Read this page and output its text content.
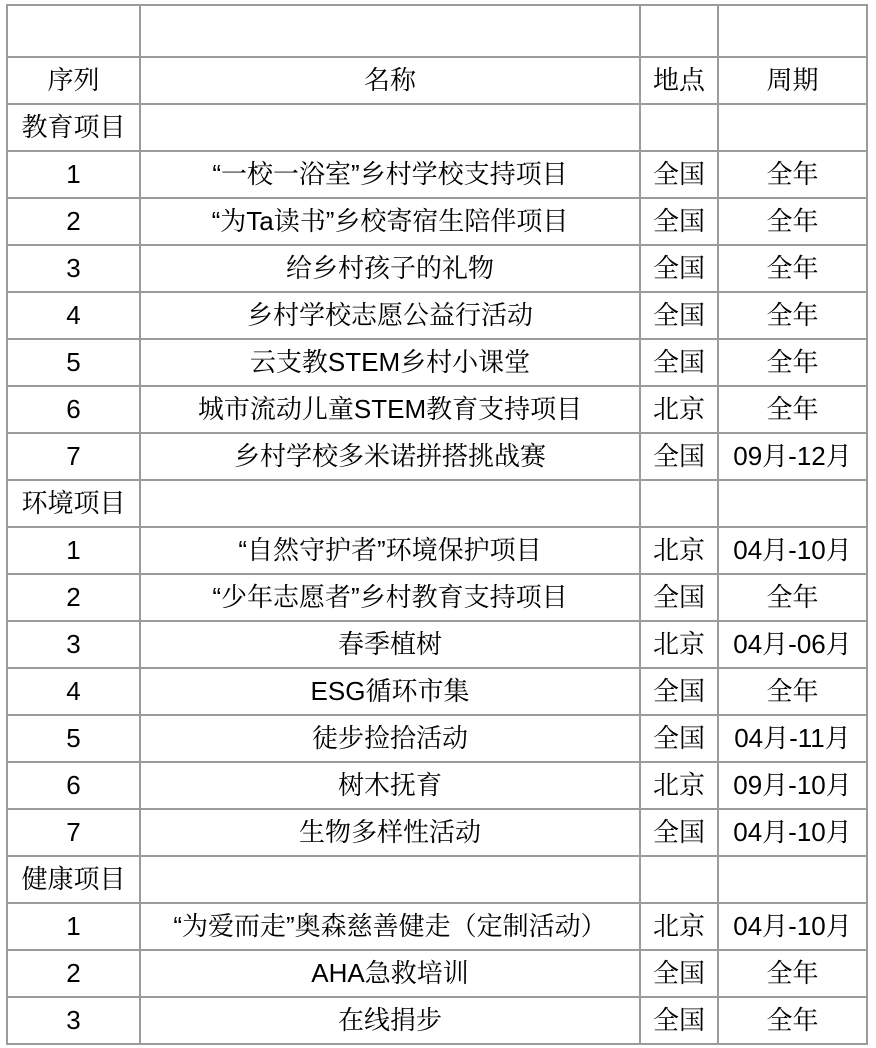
序列	名称	地点	周期
教育项目			
1	“一校一浴室”乡村学校支持项目	全国	全年
2	“为Ta读书”乡校寄宿生陪伴项目	全国	全年
3	给乡村孩子的礼物	全国	全年
4	乡村学校志愿公益行活动	全国	全年
5	云支教STEM乡村小课堂	全国	全年
6	城市流动儿童STEM教育支持项目	北京	全年
7	乡村学校多米诺拼搭挑战赛	全国	09月-12月
环境项目			
1	“自然守护者”环境保护项目	北京	04月-10月
2	“少年志愿者”乡村教育支持项目	全国	全年
3	春季植树	北京	04月-06月
4	ESG循环市集	全国	全年
5	徒步捡拾活动	全国	04月-11月
6	树木抚育	北京	09月-10月
7	生物多样性活动	全国	04月-10月
健康项目			
1	“为爱而走”奥森慈善健走（定制活动）	北京	04月-10月
2	AHA急救培训	全国	全年
3	在线捐步	全国	全年
